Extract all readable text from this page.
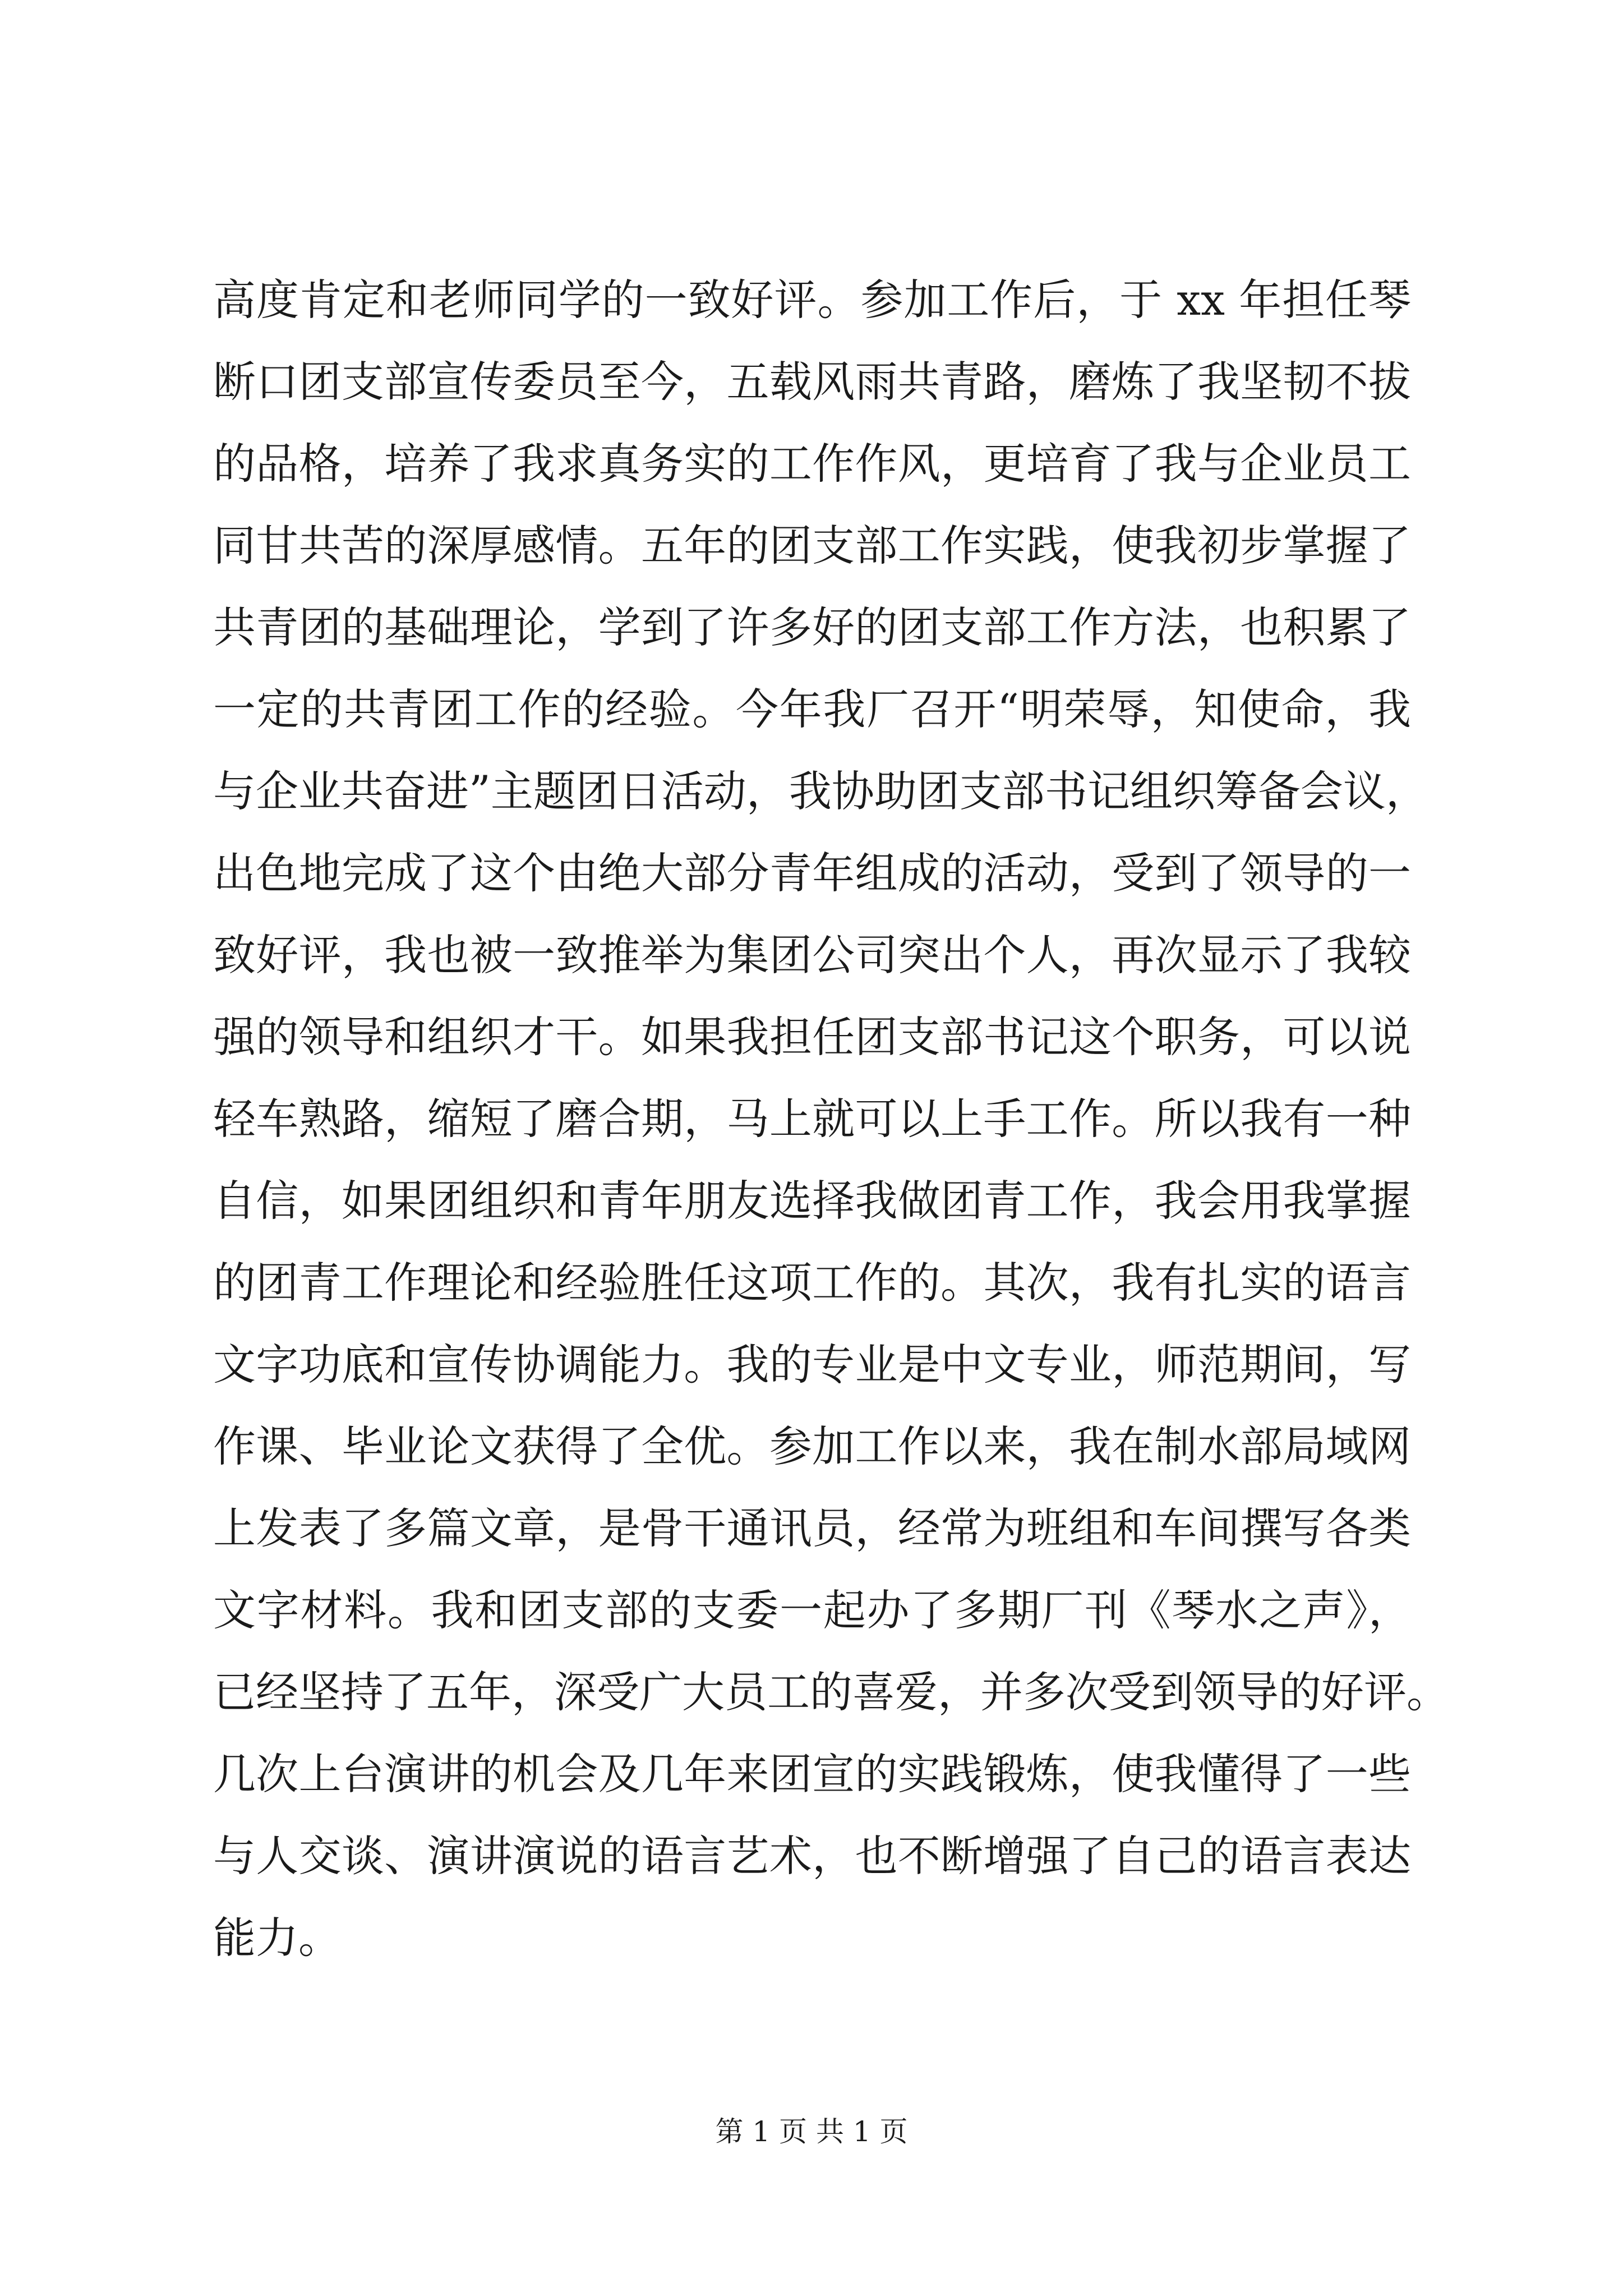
高度肯定和老师同学的一致好评。参加工作后，于 xx 年担任琴
断口团支部宣传委员至今，五载风雨共青路，磨炼了我坚韧不拔
的品格，培养了我求真务实的工作作风，更培育了我与企业员工
同甘共苦的深厚感情。五年的团支部工作实践，使我初步掌握了
共青团的基础理论，学到了许多好的团支部工作方法，也积累了
一定的共青团工作的经验。今年我厂召开“明荣辱，知使命，我
与企业共奋进”主题团日活动，我协助团支部书记组织筹备会议，
出色地完成了这个由绝大部分青年组成的活动，受到了领导的一
致好评，我也被一致推举为集团公司突出个人，再次显示了我较
强的领导和组织才干。如果我担任团支部书记这个职务，可以说
轻车熟路，缩短了磨合期，马上就可以上手工作。所以我有一种
自信，如果团组织和青年朋友选择我做团青工作，我会用我掌握
的团青工作理论和经验胜任这项工作的。其次，我有扎实的语言
文字功底和宣传协调能力。我的专业是中文专业，师范期间，写
作课、毕业论文获得了全优。参加工作以来，我在制水部局域网
上发表了多篇文章，是骨干通讯员，经常为班组和车间撰写各类
文字材料。我和团支部的支委一起办了多期厂刊《琴水之声》，
已经坚持了五年，深受广大员工的喜爱，并多次受到领导的好评。
几次上台演讲的机会及几年来团宣的实践锻炼，使我懂得了一些
与人交谈、演讲演说的语言艺术，也不断增强了自己的语言表达
能力。
第 1 页 共 1 页
